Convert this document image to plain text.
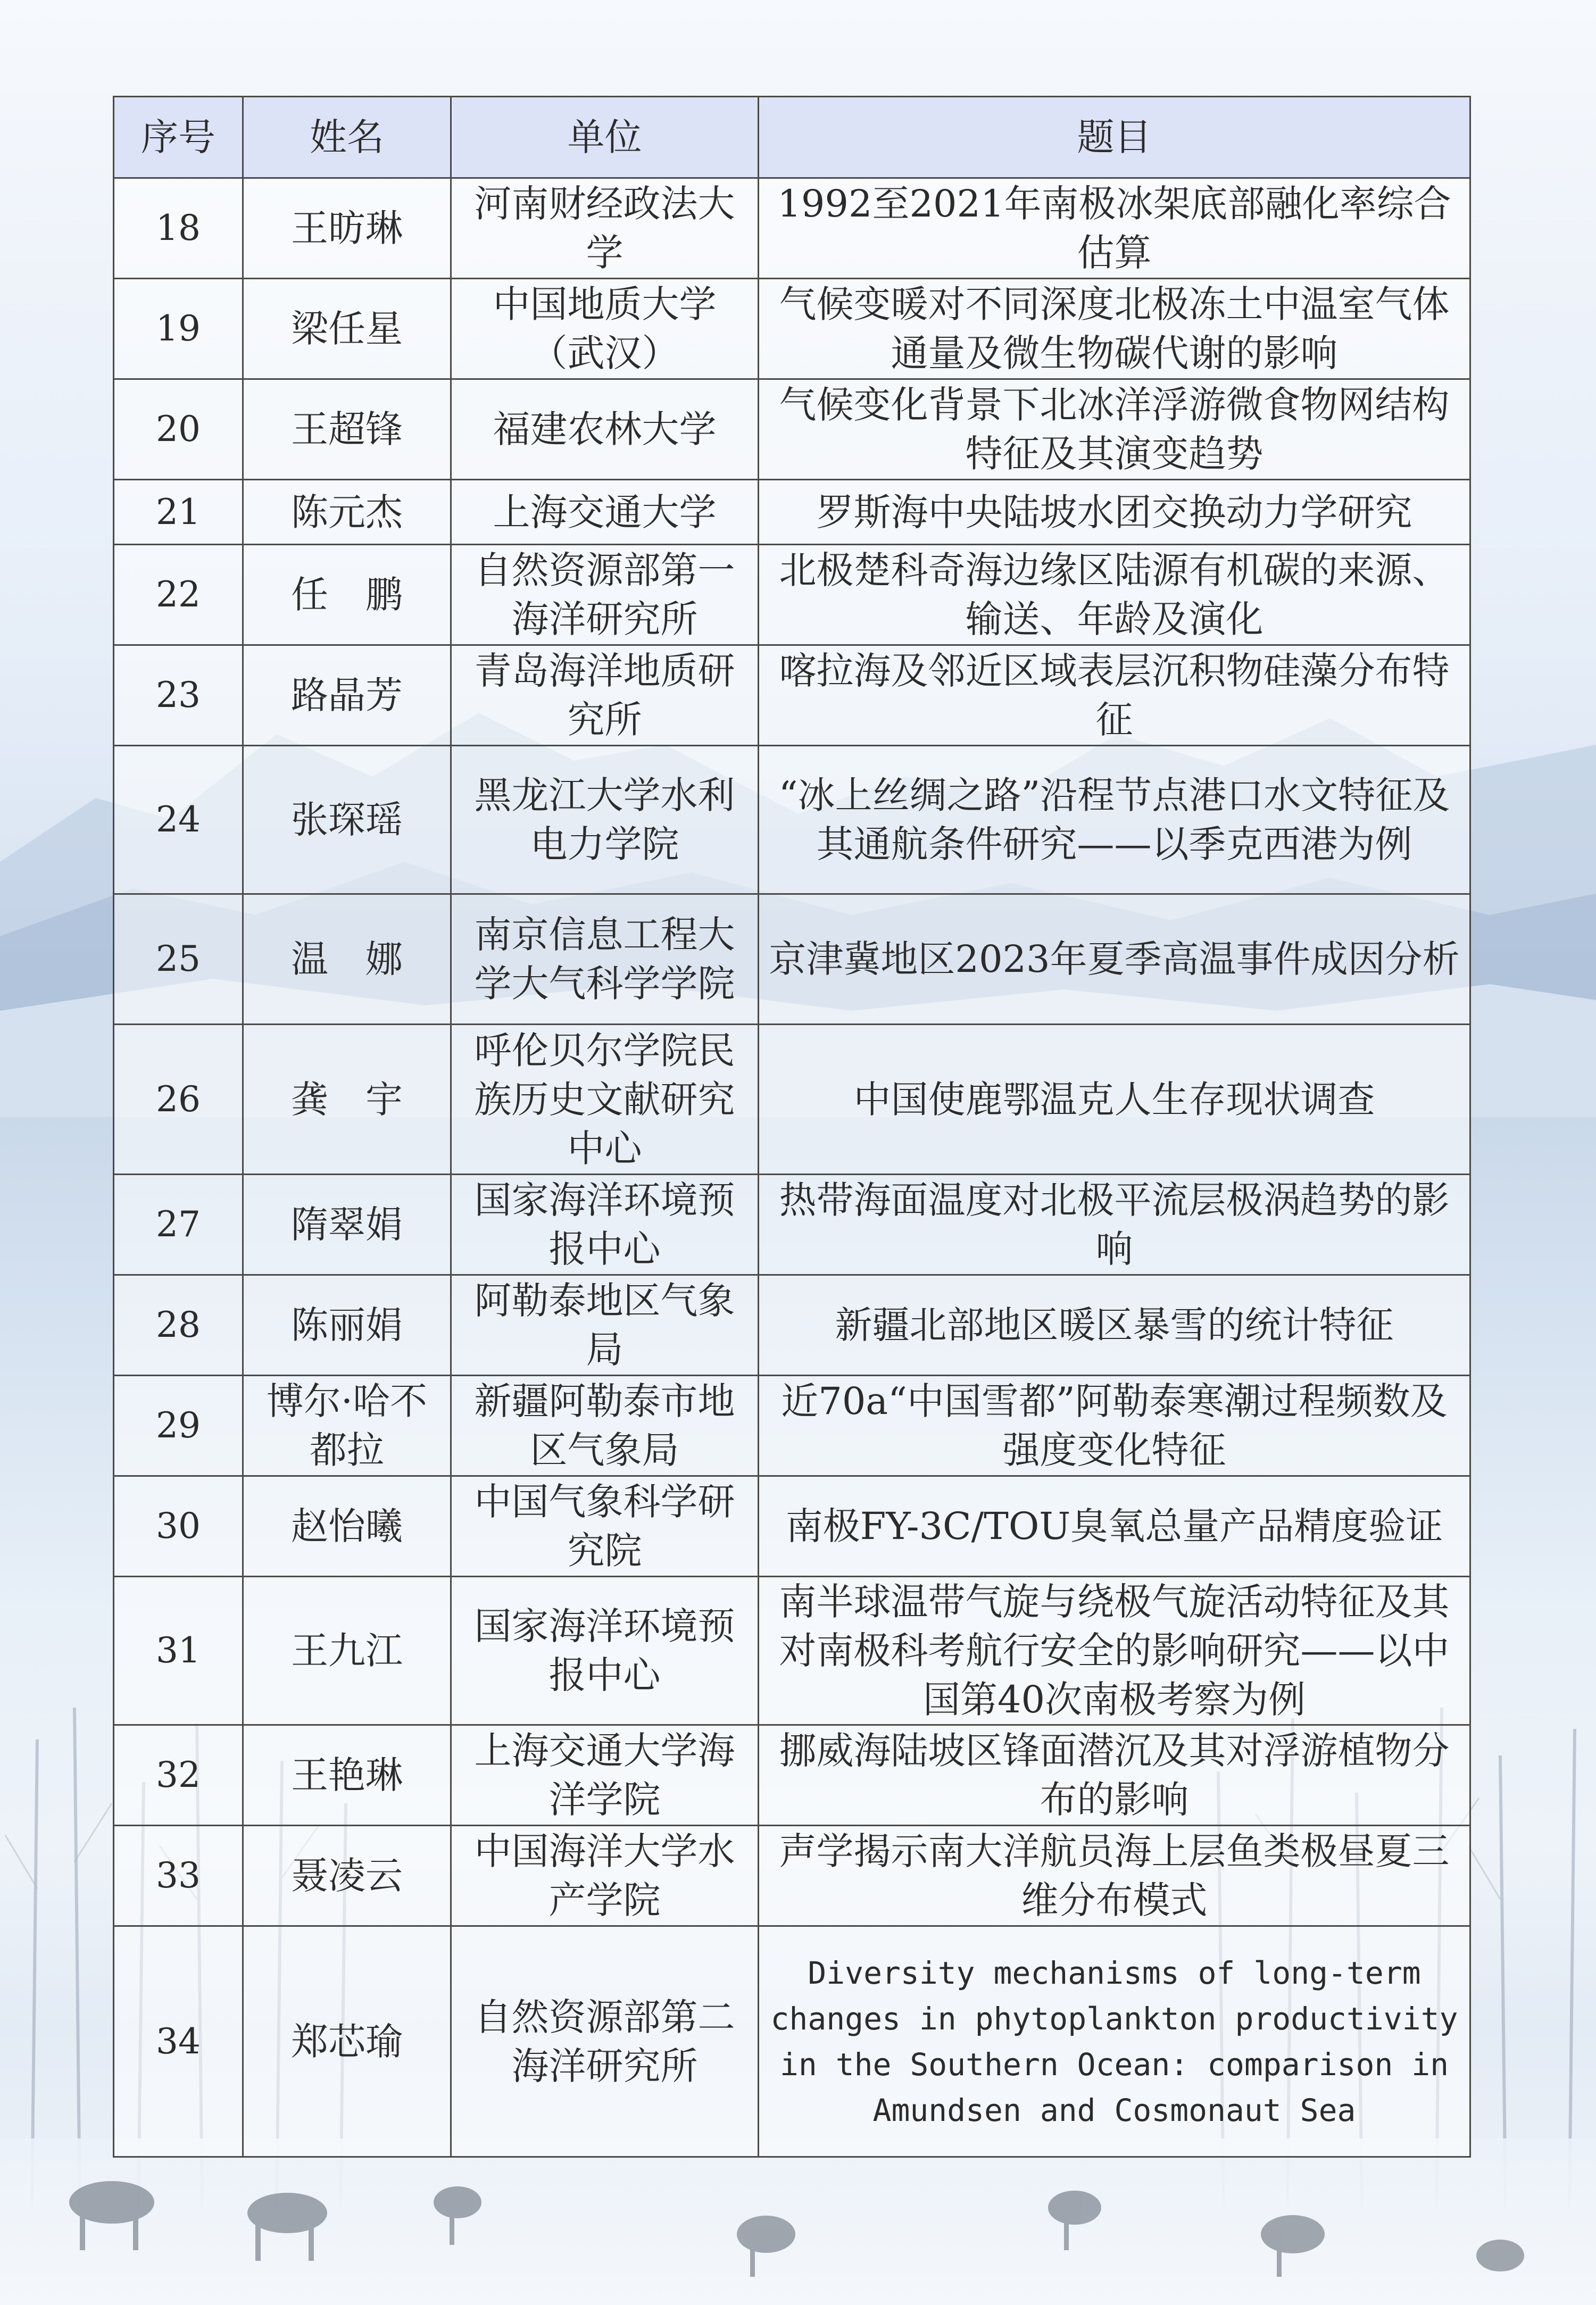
序号	姓名	单位	题目
18	王昉琳	河南财经政法大学	1992至2021年南极冰架底部融化率综合估算
19	梁任星	中国地质大学（武汉）	气候变暖对不同深度北极冻土中温室气体通量及微生物碳代谢的影响
20	王超锋	福建农林大学	气候变化背景下北冰洋浮游微食物网结构特征及其演变趋势
21	陈元杰	上海交通大学	罗斯海中央陆坡水团交换动力学研究
22	任　鹏	自然资源部第一海洋研究所	北极楚科奇海边缘区陆源有机碳的来源、输送、年龄及演化
23	路晶芳	青岛海洋地质研究所	喀拉海及邻近区域表层沉积物硅藻分布特征
24	张琛瑶	黑龙江大学水利电力学院	“冰上丝绸之路”沿程节点港口水文特征及其通航条件研究——以季克西港为例
25	温　娜	南京信息工程大学大气科学学院	京津冀地区2023年夏季高温事件成因分析
26	龚　宇	呼伦贝尔学院民族历史文献研究中心	中国使鹿鄂温克人生存现状调查
27	隋翠娟	国家海洋环境预报中心	热带海面温度对北极平流层极涡趋势的影响
28	陈丽娟	阿勒泰地区气象局	新疆北部地区暖区暴雪的统计特征
29	博尔·哈不都拉	新疆阿勒泰市地区气象局	近70a“中国雪都”阿勒泰寒潮过程频数及强度变化特征
30	赵怡曦	中国气象科学研究院	南极FY-3C/TOU臭氧总量产品精度验证
31	王九江	国家海洋环境预报中心	南半球温带气旋与绕极气旋活动特征及其对南极科考航行安全的影响研究——以中国第40次南极考察为例
32	王艳琳	上海交通大学海洋学院	挪威海陆坡区锋面潜沉及其对浮游植物分布的影响
33	聂凌云	中国海洋大学水产学院	声学揭示南大洋航员海上层鱼类极昼夏三维分布模式
34	郑芯瑜	自然资源部第二海洋研究所	Diversity mechanisms of long-term changes in phytoplankton productivity in the Southern Ocean: comparison in Amundsen and Cosmonaut Sea
